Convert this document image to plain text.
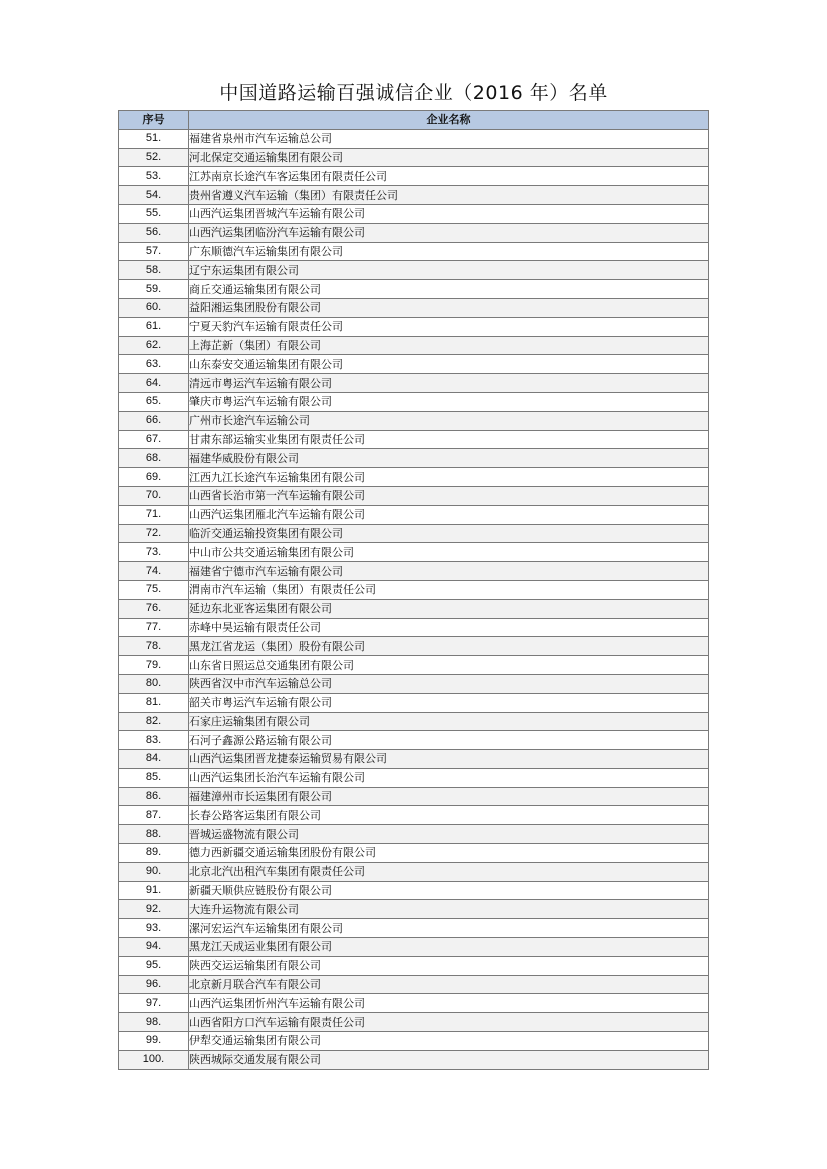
中国道路运输百强诚信企业（2016 年）名单
序号	企业名称
51.	福建省泉州市汽车运输总公司
52.	河北保定交通运输集团有限公司
53.	江苏南京长途汽车客运集团有限责任公司
54.	贵州省遵义汽车运输（集团）有限责任公司
55.	山西汽运集团晋城汽车运输有限公司
56.	山西汽运集团临汾汽车运输有限公司
57.	广东顺德汽车运输集团有限公司
58.	辽宁东运集团有限公司
59.	商丘交通运输集团有限公司
60.	益阳湘运集团股份有限公司
61.	宁夏天豹汽车运输有限责任公司
62.	上海芷新（集团）有限公司
63.	山东泰安交通运输集团有限公司
64.	清远市粤运汽车运输有限公司
65.	肇庆市粤运汽车运输有限公司
66.	广州市长途汽车运输公司
67.	甘肃东部运输实业集团有限责任公司
68.	福建华威股份有限公司
69.	江西九江长途汽车运输集团有限公司
70.	山西省长治市第一汽车运输有限公司
71.	山西汽运集团雁北汽车运输有限公司
72.	临沂交通运输投资集团有限公司
73.	中山市公共交通运输集团有限公司
74.	福建省宁德市汽车运输有限公司
75.	渭南市汽车运输（集团）有限责任公司
76.	延边东北亚客运集团有限公司
77.	赤峰中昊运输有限责任公司
78.	黑龙江省龙运（集团）股份有限公司
79.	山东省日照运总交通集团有限公司
80.	陕西省汉中市汽车运输总公司
81.	韶关市粤运汽车运输有限公司
82.	石家庄运输集团有限公司
83.	石河子鑫源公路运输有限公司
84.	山西汽运集团晋龙捷泰运输贸易有限公司
85.	山西汽运集团长治汽车运输有限公司
86.	福建漳州市长运集团有限公司
87.	长春公路客运集团有限公司
88.	晋城运盛物流有限公司
89.	德力西新疆交通运输集团股份有限公司
90.	北京北汽出租汽车集团有限责任公司
91.	新疆天顺供应链股份有限公司
92.	大连升运物流有限公司
93.	漯河宏运汽车运输集团有限公司
94.	黑龙江天成运业集团有限公司
95.	陕西交运运输集团有限公司
96.	北京新月联合汽车有限公司
97.	山西汽运集团忻州汽车运输有限公司
98.	山西省阳方口汽车运输有限责任公司
99.	伊犁交通运输集团有限公司
100.	陕西城际交通发展有限公司
